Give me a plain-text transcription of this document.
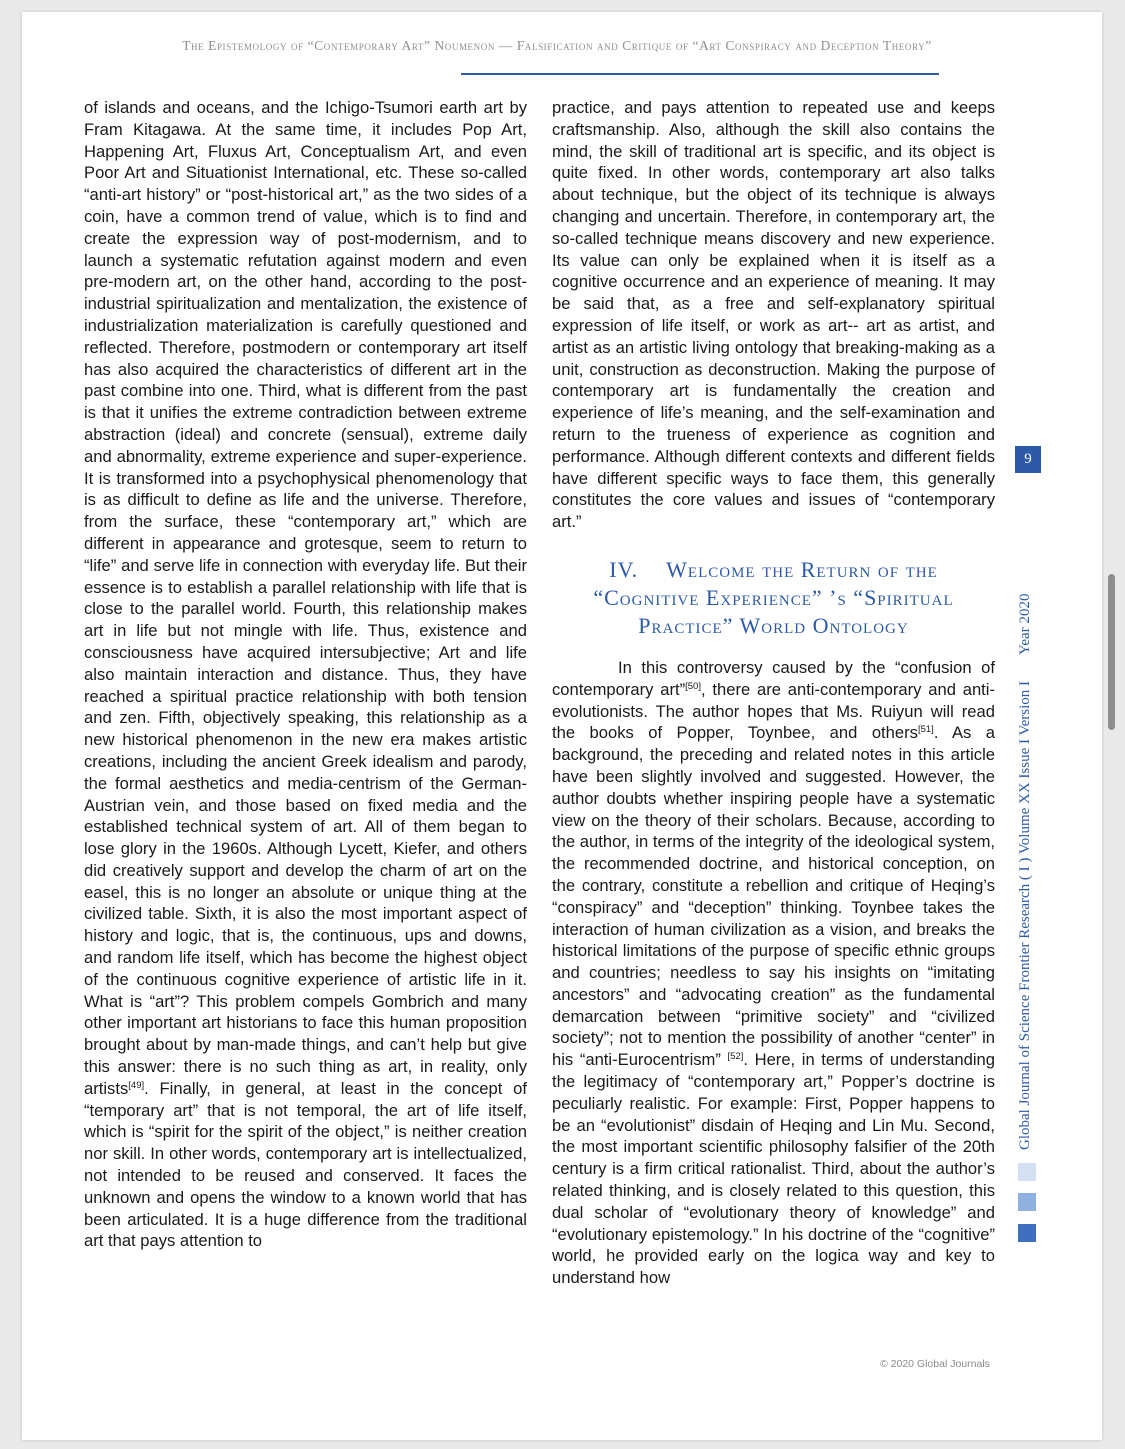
The Epistemology of “Contemporary Art” Noumenon — Falsification and Critique of “Art Conspiracy and Deception Theory”

of islands and oceans, and the Ichigo-Tsumori earth art by Fram Kitagawa. At the same time, it includes Pop Art, Happening Art, Fluxus Art, Conceptualism Art, and even Poor Art and Situationist International, etc. These so-called “anti-art history” or “post-historical art,” as the two sides of a coin, have a common trend of value, which is to find and create the expression way of post-modernism, and to launch a systematic refutation against modern and even pre-modern art, on the other hand, according to the post-industrial spiritualization and mentalization, the existence of industrialization materialization is carefully questioned and reflected. Therefore, postmodern or contemporary art itself has also acquired the characteristics of different art in the past combine into one. Third, what is different from the past is that it unifies the extreme contradiction between extreme abstraction (ideal) and concrete (sensual), extreme daily and abnormality, extreme experience and super-experience. It is transformed into a psychophysical phenomenology that is as difficult to define as life and the universe. Therefore, from the surface, these “contemporary art,” which are different in appearance and grotesque, seem to return to “life” and serve life in connection with everyday life. But their essence is to establish a parallel relationship with life that is close to the parallel world. Fourth, this relationship makes art in life but not mingle with life. Thus, existence and consciousness have acquired intersubjective; Art and life also maintain interaction and distance. Thus, they have reached a spiritual practice relationship with both tension and zen. Fifth, objectively speaking, this relationship as a new historical phenomenon in the new era makes artistic creations, including the ancient Greek idealism and parody, the formal aesthetics and media-centrism of the German-Austrian vein, and those based on fixed media and the established technical system of art. All of them began to lose glory in the 1960s. Although Lycett, Kiefer, and others did creatively support and develop the charm of art on the easel, this is no longer an absolute or unique thing at the civilized table. Sixth, it is also the most important aspect of history and logic, that is, the continuous, ups and downs, and random life itself, which has become the highest object of the continuous cognitive experience of artistic life in it. What is “art”? This problem compels Gombrich and many other important art historians to face this human proposition brought about by man-made things, and can’t help but give this answer: there is no such thing as art, in reality, only artists[49]. Finally, in general, at least in the concept of “temporary art” that is not temporal, the art of life itself, which is “spirit for the spirit of the object,” is neither creation nor skill. In other words, contemporary art is intellectualized, not intended to be reused and conserved. It faces the unknown and opens the window to a known world that has been articulated. It is a huge difference from the traditional art that pays attention to

practice, and pays attention to repeated use and keeps craftsmanship. Also, although the skill also contains the mind, the skill of traditional art is specific, and its object is quite fixed. In other words, contemporary art also talks about technique, but the object of its technique is always changing and uncertain. Therefore, in contemporary art, the so-called technique means discovery and new experience. Its value can only be explained when it is itself as a cognitive occurrence and an experience of meaning. It may be said that, as a free and self-explanatory spiritual expression of life itself, or work as art-- art as artist, and artist as an artistic living ontology that breaking-making as a unit, construction as deconstruction. Making the purpose of contemporary art is fundamentally the creation and experience of life’s meaning, and the self-examination and return to the trueness of experience as cognition and performance. Although different contexts and different fields have different specific ways to face them, this generally constitutes the core values and issues of “contemporary art.”

IV. Welcome the Return of the
“Cognitive Experience” ’s “Spiritual
Practice” World Ontology

In this controversy caused by the “confusion of contemporary art”[50], there are anti-contemporary and anti-evolutionists. The author hopes that Ms. Ruiyun will read the books of Popper, Toynbee, and others[51]. As a background, the preceding and related notes in this article have been slightly involved and suggested. However, the author doubts whether inspiring people have a systematic view on the theory of their scholars. Because, according to the author, in terms of the integrity of the ideological system, the recommended doctrine, and historical conception, on the contrary, constitute a rebellion and critique of Heqing’s “conspiracy” and “deception” thinking. Toynbee takes the interaction of human civilization as a vision, and breaks the historical limitations of the purpose of specific ethnic groups and countries; needless to say his insights on “imitating ancestors” and “advocating creation” as the fundamental demarcation between “primitive society” and “civilized society”; not to mention the possibility of another “center” in his “anti-Eurocentrism” [52]. Here, in terms of understanding the legitimacy of “contemporary art,” Popper’s doctrine is peculiarly realistic. For example: First, Popper happens to be an “evolutionist” disdain of Heqing and Lin Mu. Second, the most important scientific philosophy falsifier of the 20th century is a firm critical rationalist. Third, about the author’s related thinking, and is closely related to this question, this dual scholar of “evolutionary theory of knowledge” and “evolutionary epistemology.” In his doctrine of the “cognitive” world, he provided early on the logica way and key to understand how

Global Journal of Science Frontier Research ( I ) Volume XX Issue I Version IYear 2020
9
© 2020 Global Journals
